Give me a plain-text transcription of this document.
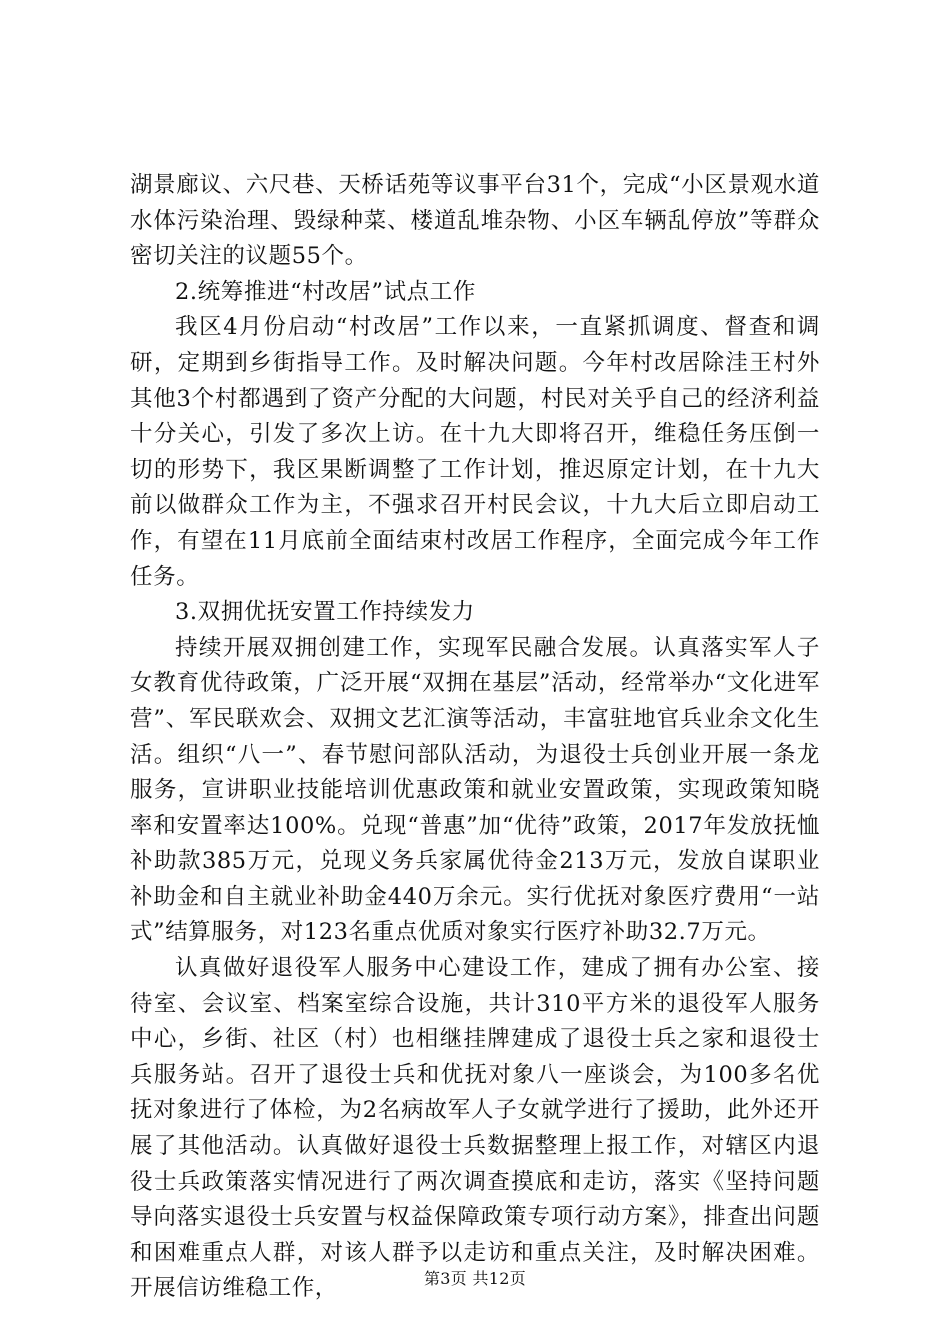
湖景廊议、六尺巷、天桥话苑等议事平台31个，完成“小区景观水道水体污染治理、毁绿种菜、楼道乱堆杂物、小区车辆乱停放”等群众密切关注的议题55个。

2.统筹推进“村改居”试点工作

我区4月份启动“村改居”工作以来，一直紧抓调度、督查和调研，定期到乡街指导工作。及时解决问题。今年村改居除洼王村外其他3个村都遇到了资产分配的大问题，村民对关乎自己的经济利益十分关心，引发了多次上访。在十九大即将召开，维稳任务压倒一切的形势下，我区果断调整了工作计划，推迟原定计划，在十九大前以做群众工作为主，不强求召开村民会议，十九大后立即启动工作，有望在11月底前全面结束村改居工作程序，全面完成今年工作任务。

3.双拥优抚安置工作持续发力

持续开展双拥创建工作，实现军民融合发展。认真落实军人子女教育优待政策，广泛开展“双拥在基层”活动，经常举办“文化进军营”、军民联欢会、双拥文艺汇演等活动，丰富驻地官兵业余文化生活。组织“八一”、春节慰问部队活动，为退役士兵创业开展一条龙服务，宣讲职业技能培训优惠政策和就业安置政策，实现政策知晓率和安置率达100%。兑现“普惠”加“优待”政策，2017年发放抚恤补助款385万元，兑现义务兵家属优待金213万元，发放自谋职业补助金和自主就业补助金440万余元。实行优抚对象医疗费用“一站式”结算服务，对123名重点优质对象实行医疗补助32.7万元。

认真做好退役军人服务中心建设工作，建成了拥有办公室、接待室、会议室、档案室综合设施，共计310平方米的退役军人服务中心，乡街、社区（村）也相继挂牌建成了退役士兵之家和退役士兵服务站。召开了退役士兵和优抚对象八一座谈会，为100多名优抚对象进行了体检，为2名病故军人子女就学进行了援助，此外还开展了其他活动。认真做好退役士兵数据整理上报工作，对辖区内退役士兵政策落实情况进行了两次调查摸底和走访，落实《坚持问题导向落实退役士兵安置与权益保障政策专项行动方案》，排查出问题和困难重点人群，对该人群予以走访和重点关注，及时解决困难。开展信访维稳工作，	第3页 共12页
